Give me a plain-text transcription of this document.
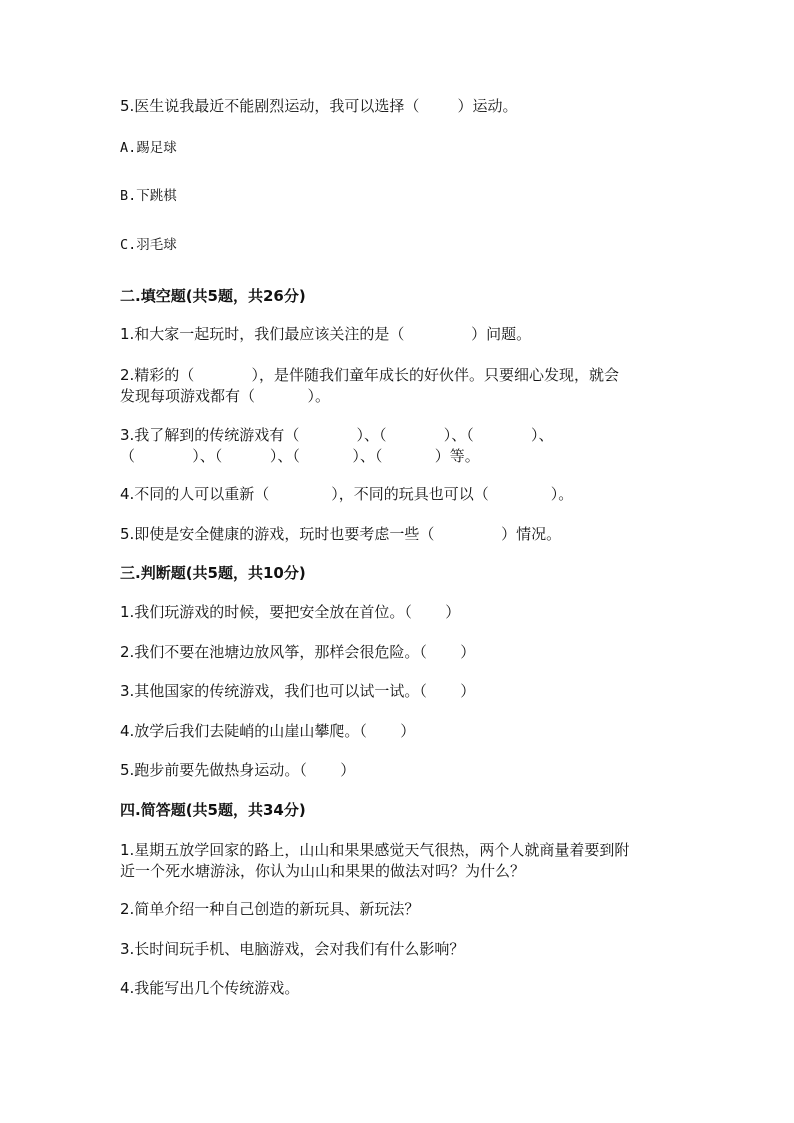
5.医生说我最近不能剧烈运动，我可以选择（        ）运动。
A.踢足球
B.下跳棋
C.羽毛球
二.填空题(共5题，共26分)
1.和大家一起玩时，我们最应该关注的是（              ）问题。
2.精彩的（            ），是伴随我们童年成长的好伙伴。只要细心发现，就会
发现每项游戏都有（           ）。
3.我了解到的传统游戏有（            ）、（            ）、（            ）、
（            ）、（          ）、（           ）、（           ）等。
4.不同的人可以重新（             ），不同的玩具也可以（             ）。
5.即使是安全健康的游戏，玩时也要考虑一些（              ）情况。
三.判断题(共5题，共10分)
1.我们玩游戏的时候，要把安全放在首位。（       ）
2.我们不要在池塘边放风筝，那样会很危险。（       ）
3.其他国家的传统游戏，我们也可以试一试。（       ）
4.放学后我们去陡峭的山崖山攀爬。（       ）
5.跑步前要先做热身运动。（       ）
四.简答题(共5题，共34分)
1.星期五放学回家的路上，山山和果果感觉天气很热，两个人就商量着要到附
近一个死水塘游泳，你认为山山和果果的做法对吗？为什么？
2.简单介绍一种自己创造的新玩具、新玩法？
3.长时间玩手机、电脑游戏，会对我们有什么影响？
4.我能写出几个传统游戏。
